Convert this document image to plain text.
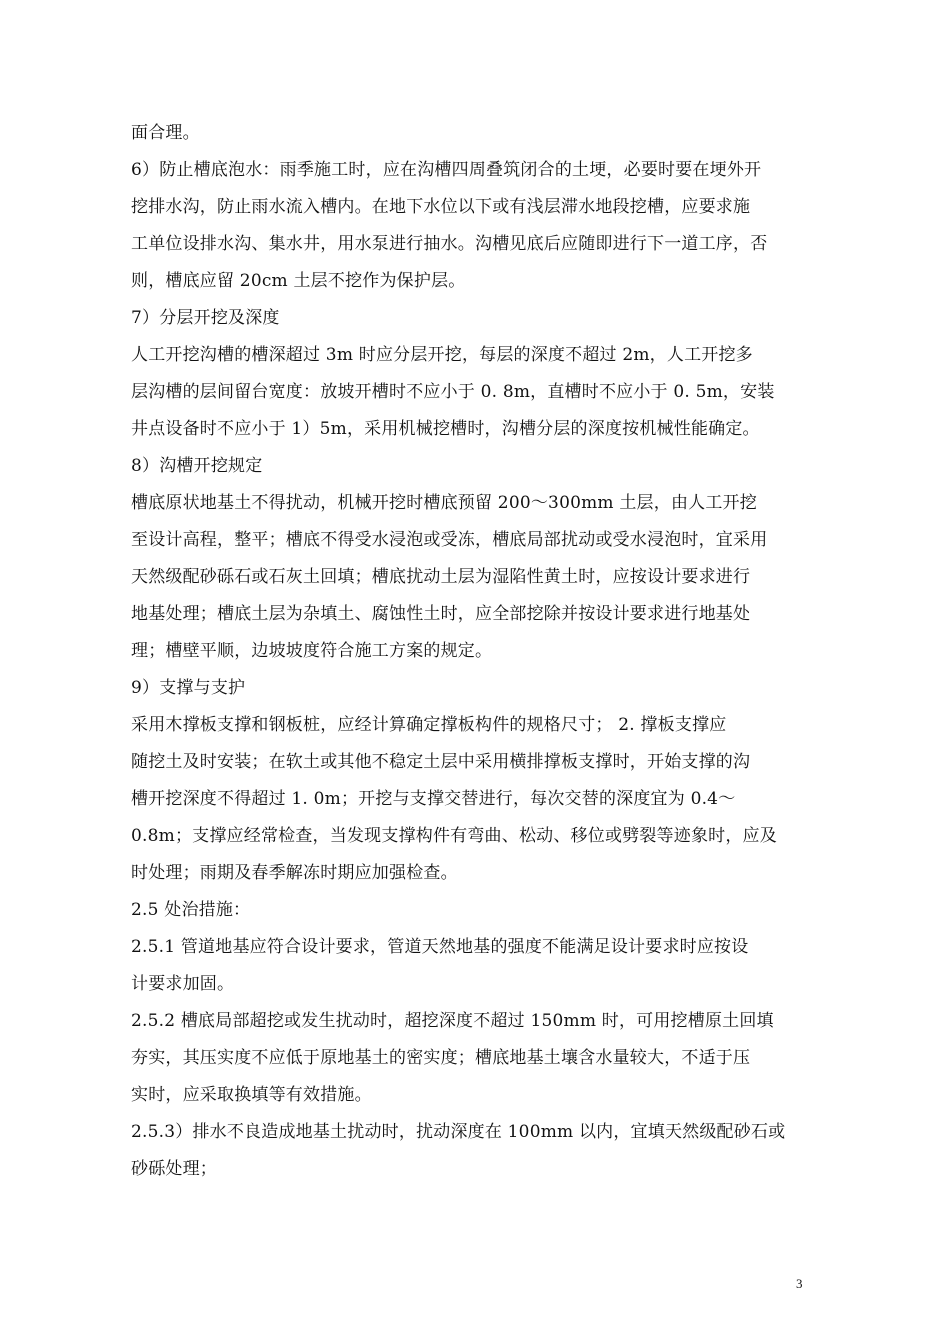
面合理。
6）防止槽底泡水：雨季施工时，应在沟槽四周叠筑闭合的土埂，必要时要在埂外开
挖排水沟，防止雨水流入槽内。在地下水位以下或有浅层滞水地段挖槽，应要求施
工单位设排水沟、集水井，用水泵进行抽水。沟槽见底后应随即进行下一道工序，否
则，槽底应留 20cm 土层不挖作为保护层。
7）分层开挖及深度
人工开挖沟槽的槽深超过 3m 时应分层开挖，每层的深度不超过 2m，人工开挖多
层沟槽的层间留台宽度：放坡开槽时不应小于 0. 8m，直槽时不应小于 0. 5m，安装
井点设备时不应小于 1）5m，采用机械挖槽时，沟槽分层的深度按机械性能确定。
8）沟槽开挖规定
槽底原状地基土不得扰动，机械开挖时槽底预留 200～300mm 土层，由人工开挖
至设计高程，整平；槽底不得受水浸泡或受冻，槽底局部扰动或受水浸泡时，宜采用
天然级配砂砾石或石灰土回填；槽底扰动土层为湿陷性黄土时，应按设计要求进行
地基处理；槽底土层为杂填土、腐蚀性土时，应全部挖除并按设计要求进行地基处
理；槽壁平顺，边坡坡度符合施工方案的规定。
9）支撑与支护
采用木撑板支撑和钢板桩，应经计算确定撑板构件的规格尺寸； 2. 撑板支撑应
随挖土及时安装；在软土或其他不稳定土层中采用横排撑板支撑时，开始支撑的沟
槽开挖深度不得超过 1. 0m；开挖与支撑交替进行，每次交替的深度宜为 0.4～
0.8m；支撑应经常检查，当发现支撑构件有弯曲、松动、移位或劈裂等迹象时，应及
时处理；雨期及春季解冻时期应加强检查。
2.5 处治措施：
2.5.1 管道地基应符合设计要求，管道天然地基的强度不能满足设计要求时应按设
计要求加固。
2.5.2 槽底局部超挖或发生扰动时，超挖深度不超过 150mm 时，可用挖槽原土回填
夯实，其压实度不应低于原地基土的密实度；槽底地基土壤含水量较大，不适于压
实时，应采取换填等有效措施。
2.5.3）排水不良造成地基土扰动时，扰动深度在 100mm 以内，宜填天然级配砂石或
砂砾处理；
3
